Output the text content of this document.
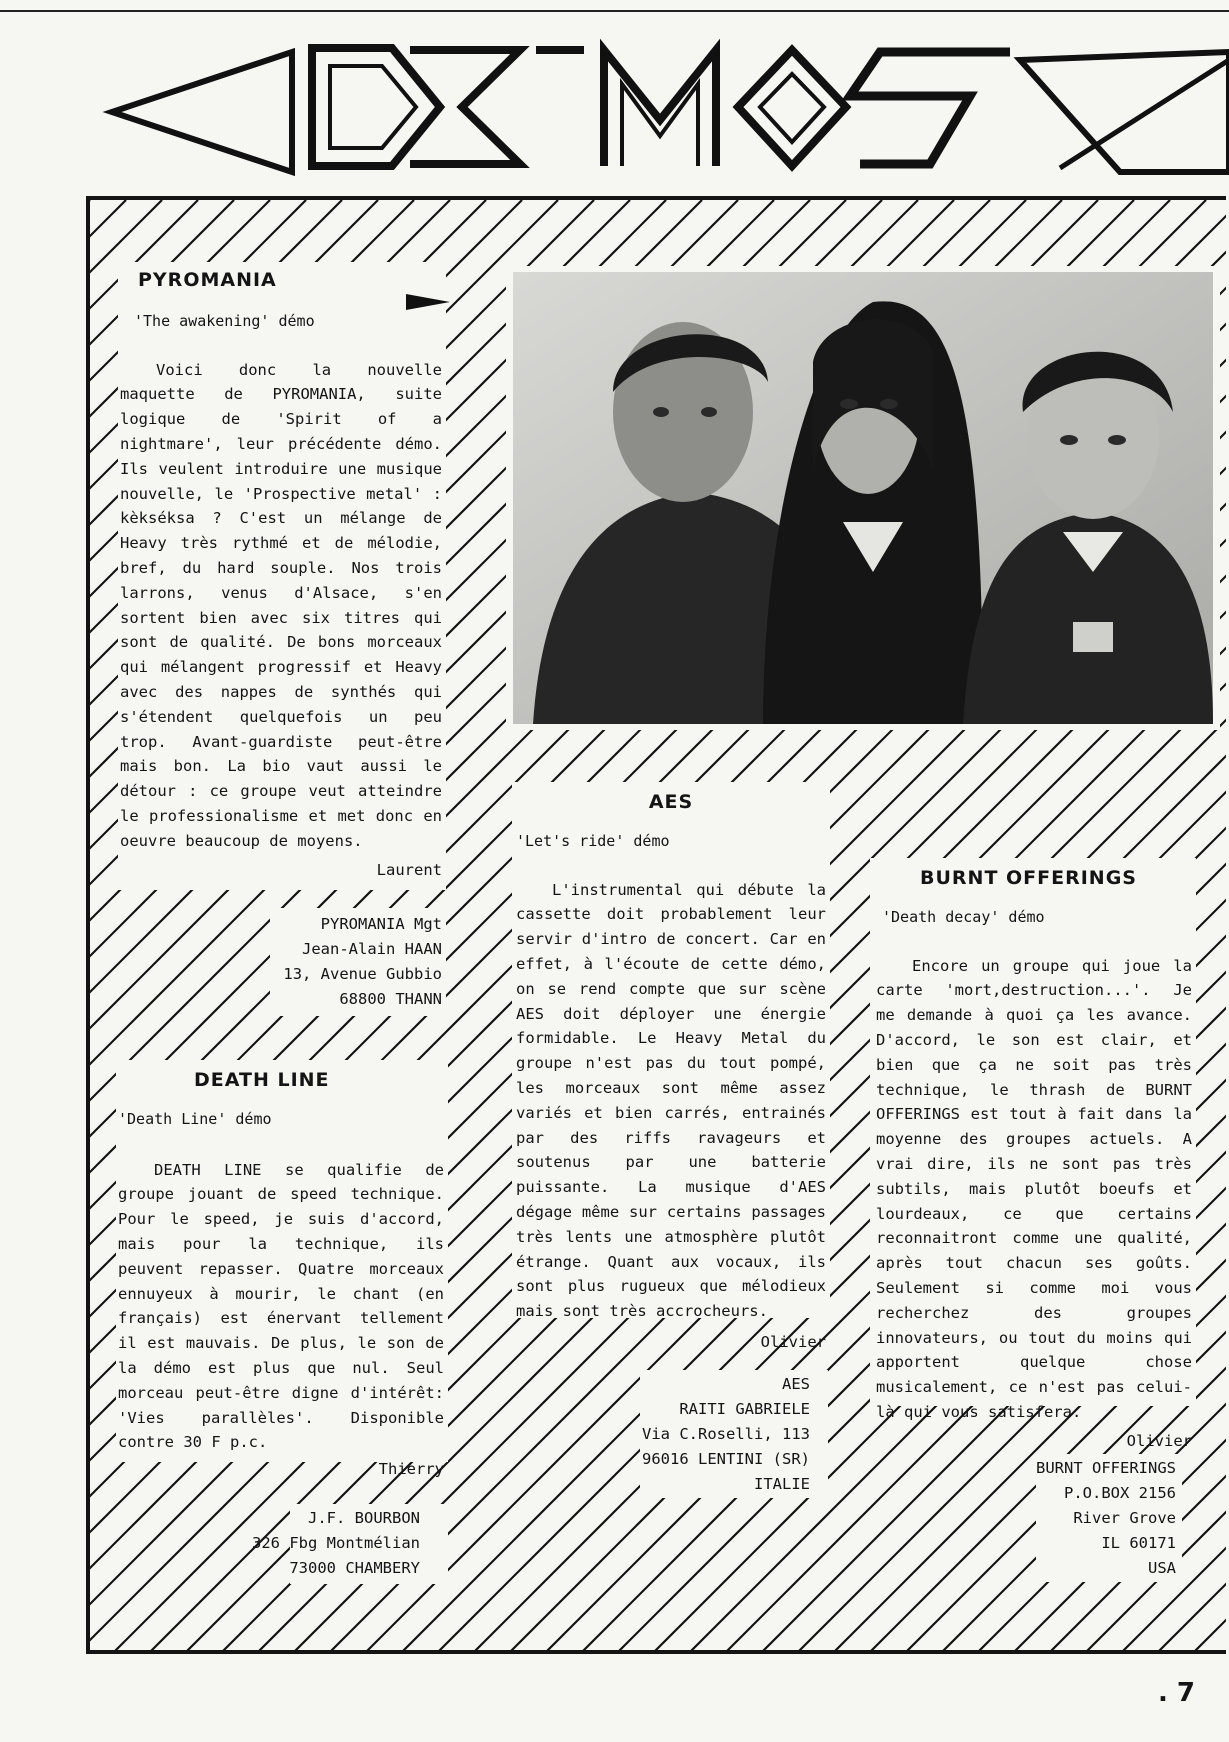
PYROMANIA
'The awakening' démo

Voici donc la nouvelle maquette de PYROMANIA, suite logique de 'Spirit of a nightmare', leur précédente démo. Ils veulent introduire une musique nouvelle, le 'Prospective metal' : kèkséksa ? C'est un mélange de Heavy très rythmé et de mélodie, bref, du hard souple. Nos trois larrons, venus d'Alsace, s'en sortent bien avec six titres qui sont de qualité. De bons morceaux qui mélangent progressif et Heavy avec des nappes de synthés qui s'étendent quelquefois un peu trop. Avant-guardiste peut-être mais bon. La bio vaut aussi le détour : ce groupe veut atteindre le professionalisme et met donc en oeuvre beaucoup de moyens.

Laurent
PYROMANIA Mgt
Jean-Alain HAAN
13, Avenue Gubbio
68800 THANN
DEATH LINE
'Death Line' démo

DEATH LINE se qualifie de groupe jouant de speed technique. Pour le speed, je suis d'accord, mais pour la technique, ils peuvent repasser. Quatre morceaux ennuyeux à mourir, le chant (en français) est énervant tellement il est mauvais. De plus, le son de la démo est plus que nul. Seul morceau peut-être digne d'intérêt: 'Vies parallèles'. Disponible contre 30 F p.c.

Thierry
J.F. BOURBON
326 Fbg Montmélian
73000 CHAMBERY
AES
'Let's ride' démo

L'instrumental qui débute la cassette doit probablement leur servir d'intro de concert. Car en effet, à l'écoute de cette démo, on se rend compte que sur scène AES doit déployer une énergie formidable. Le Heavy Metal du groupe n'est pas du tout pompé, les morceaux sont même assez variés et bien carrés, entrainés par des riffs ravageurs et soutenus par une batterie puissante. La musique d'AES dégage même sur certains passages très lents une atmosphère plutôt étrange. Quant aux vocaux, ils sont plus rugueux que mélodieux mais sont très accrocheurs.

Olivier
AES
RAITI GABRIELE
Via C.Roselli, 113
96016 LENTINI (SR)
ITALIE
BURNT OFFERINGS
'Death decay' démo

Encore un groupe qui joue la carte 'mort,destruction...'. Je me demande à quoi ça les avance. D'accord, le son est clair, et bien que ça ne soit pas très technique, le thrash de BURNT OFFERINGS est tout à fait dans la moyenne des groupes actuels. A vrai dire, ils ne sont pas très subtils, mais plutôt boeufs et lourdeaux, ce que certains reconnaitront comme une qualité, après tout chacun ses goûts. Seulement si comme moi vous recherchez des groupes innovateurs, ou tout du moins qui apportent quelque chose musicalement, ce n'est pas celui-là qui vous satisfera.

Olivier
BURNT OFFERINGS
P.O.BOX 2156
River Grove
IL 60171
USA
. 7
